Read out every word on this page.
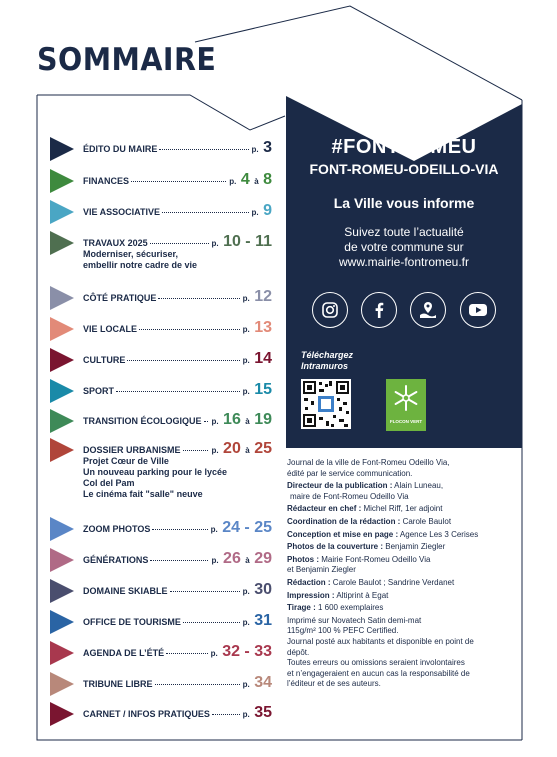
SOMMAIRE
#FONTROMEU
FONT-ROMEU-ODEILLO-VIA
La Ville vous informe
Suivez toute l’actualité
de votre commune sur
www.mairie-fontromeu.fr
Téléchargez
Intramuros
FLOCON VERT
ÉDITO DU MAIRE	p. 3
FINANCES	p. 4 à 8
VIE ASSOCIATIVE	p. 9
TRAVAUX 2025	p. 10 - 11
Moderniser, sécuriser,
embellir notre cadre de vie
CÔTÉ PRATIQUE	p. 12
VIE LOCALE	p. 13
CULTURE	p. 14
SPORT	p. 15
TRANSITION ÉCOLOGIQUE p. 16 à 19
DOSSIER URBANISME	p. 20 à 25
Projet Cœur de Ville
Un nouveau parking pour le lycée
Col del Pam
Le cinéma fait "salle" neuve
ZOOM PHOTOS	p. 24 - 25
GÉNÉRATIONS	p. 26 à 29
DOMAINE SKIABLE	p. 30
OFFICE DE TOURISME	p. 31
AGENDA DE L’ÉTÉ	p. 32 - 33
TRIBUNE LIBRE	p. 34
CARNET / INFOS PRATIQUES	p. 35
Journal de la ville de Font-Romeu Odeillo Via,
édité par le service communication.
Directeur de la publication : Alain Luneau,
maire de Font-Romeu Odeillo Via
Rédacteur en chef : Michel Riff, 1er adjoint
Coordination de la rédaction : Carole Baulot
Conception et mise en page : Agence Les 3 Cerises
Photos de la couverture : Benjamin Ziegler
Photos : Mairie Font-Romeu Odeillo Via
et Benjamin Ziegler
Rédaction : Carole Baulot ; Sandrine Verdanet
Impression : Altiprint à Egat
Tirage : 1 600 exemplaires
Imprimé sur Novatech Satin demi-mat
115g/m² 100 % PEFC Certified.
Journal posté aux habitants et disponible en point de
dépôt.
Toutes erreurs ou omissions seraient involontaires
et n’engageraient en aucun cas la responsabilité de
l’éditeur et de ses auteurs.
